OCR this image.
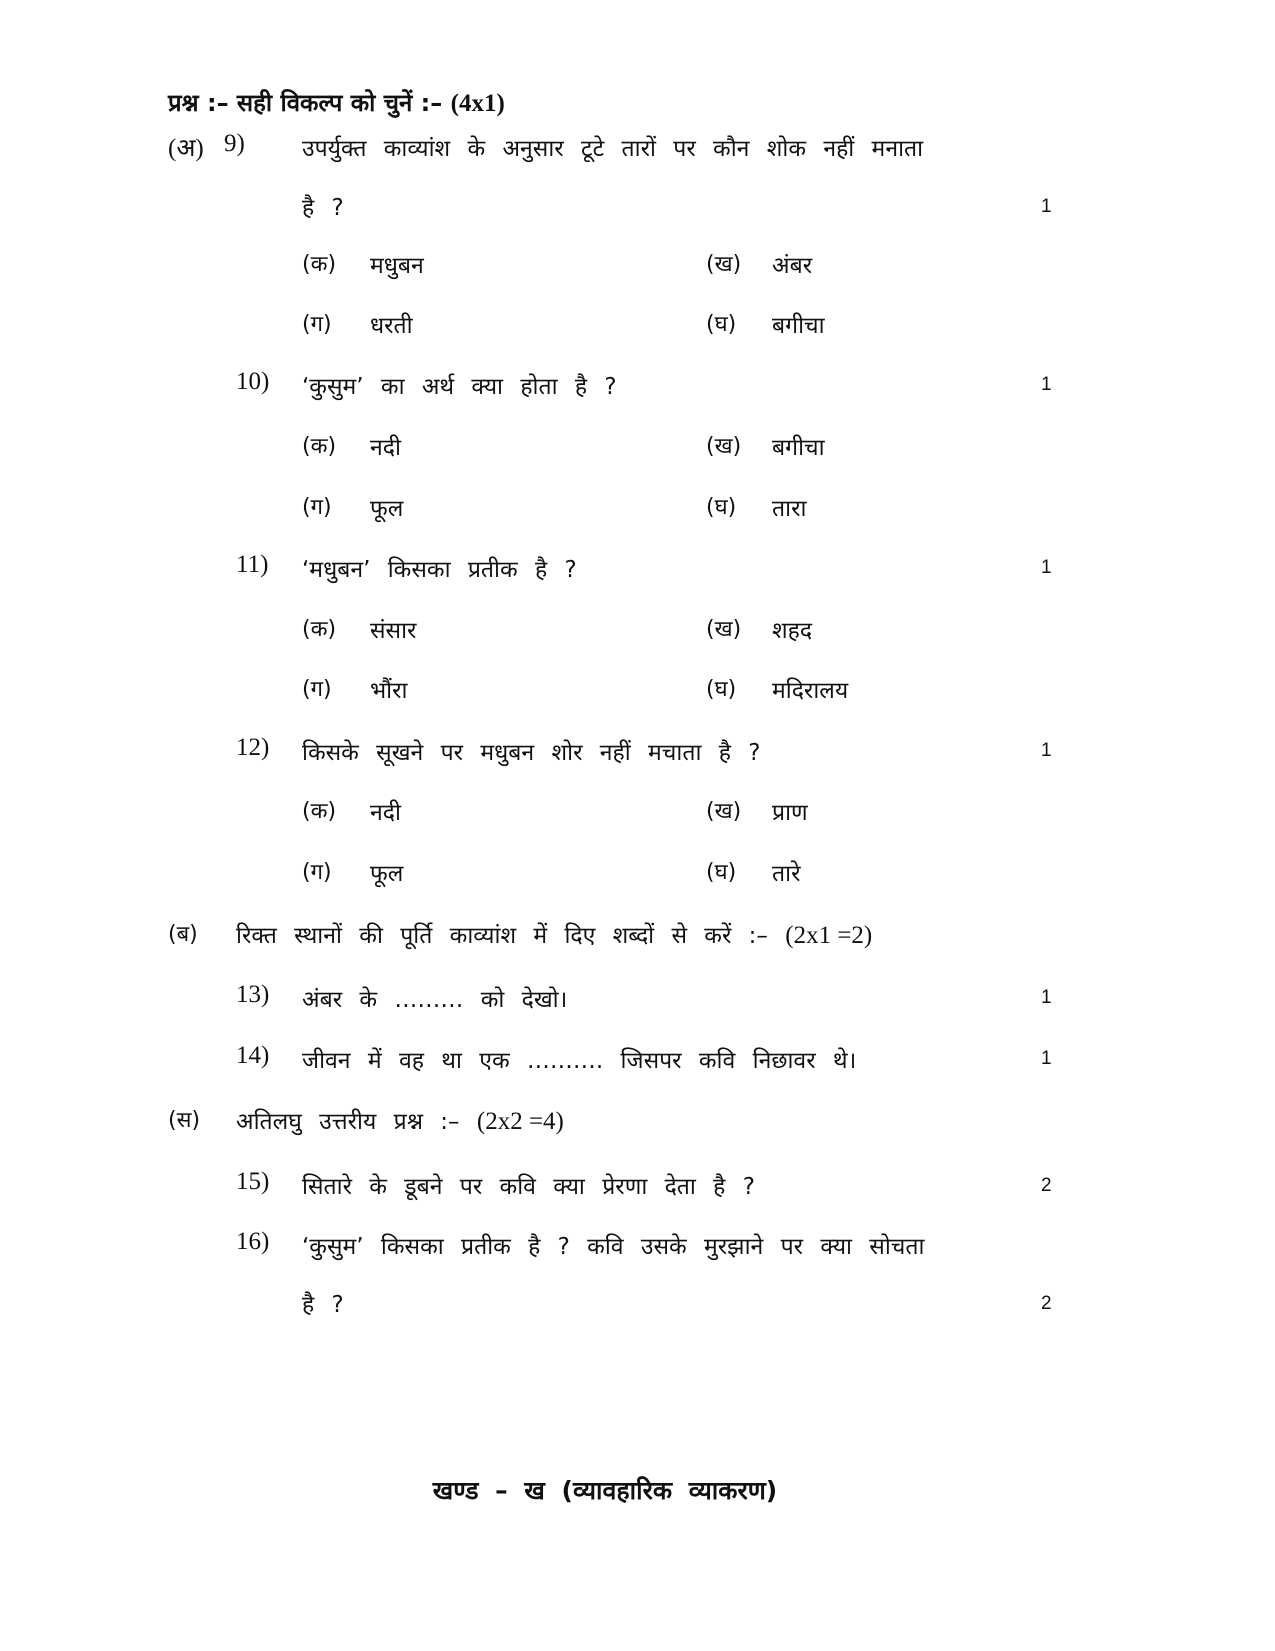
प्रश्न :– सही विकल्प को चुनें :– (4x1)
(अ) 9) उपर्युक्त काव्यांश के अनुसार टूटे तारों पर कौन शोक नहीं मनाता
है ?	1
(क) मधुबन	(ख) अंबर
(ग) धरती	(घ) बगीचा
10) ‘कुसुम’ का अर्थ क्या होता है ?	1
(क) नदी	(ख) बगीचा
(ग) फूल	(घ) तारा
11) ‘मधुबन’ किसका प्रतीक है ?	1
(क) संसार	(ख) शहद
(ग) भौंरा	(घ) मदिरालय
12) किसके सूखने पर मधुबन शोर नहीं मचाता है ?	1
(क) नदी	(ख) प्राण
(ग) फूल	(घ) तारे
(ब) रिक्त स्थानों की पूर्ति काव्यांश में दिए शब्दों से करें :– (2x1 =2)
13) अंबर के ……… को देखो।	1
14) जीवन में वह था एक ………. जिसपर कवि निछावर थे।	1
(स) अतिलघु उत्तरीय प्रश्न :– (2x2 =4)
15) सितारे के डूबने पर कवि क्या प्रेरणा देता है ?	2
16) ‘कुसुम’ किसका प्रतीक है ? कवि उसके मुरझाने पर क्या सोचता
है ?	2
खण्ड – ख (व्यावहारिक व्याकरण)
